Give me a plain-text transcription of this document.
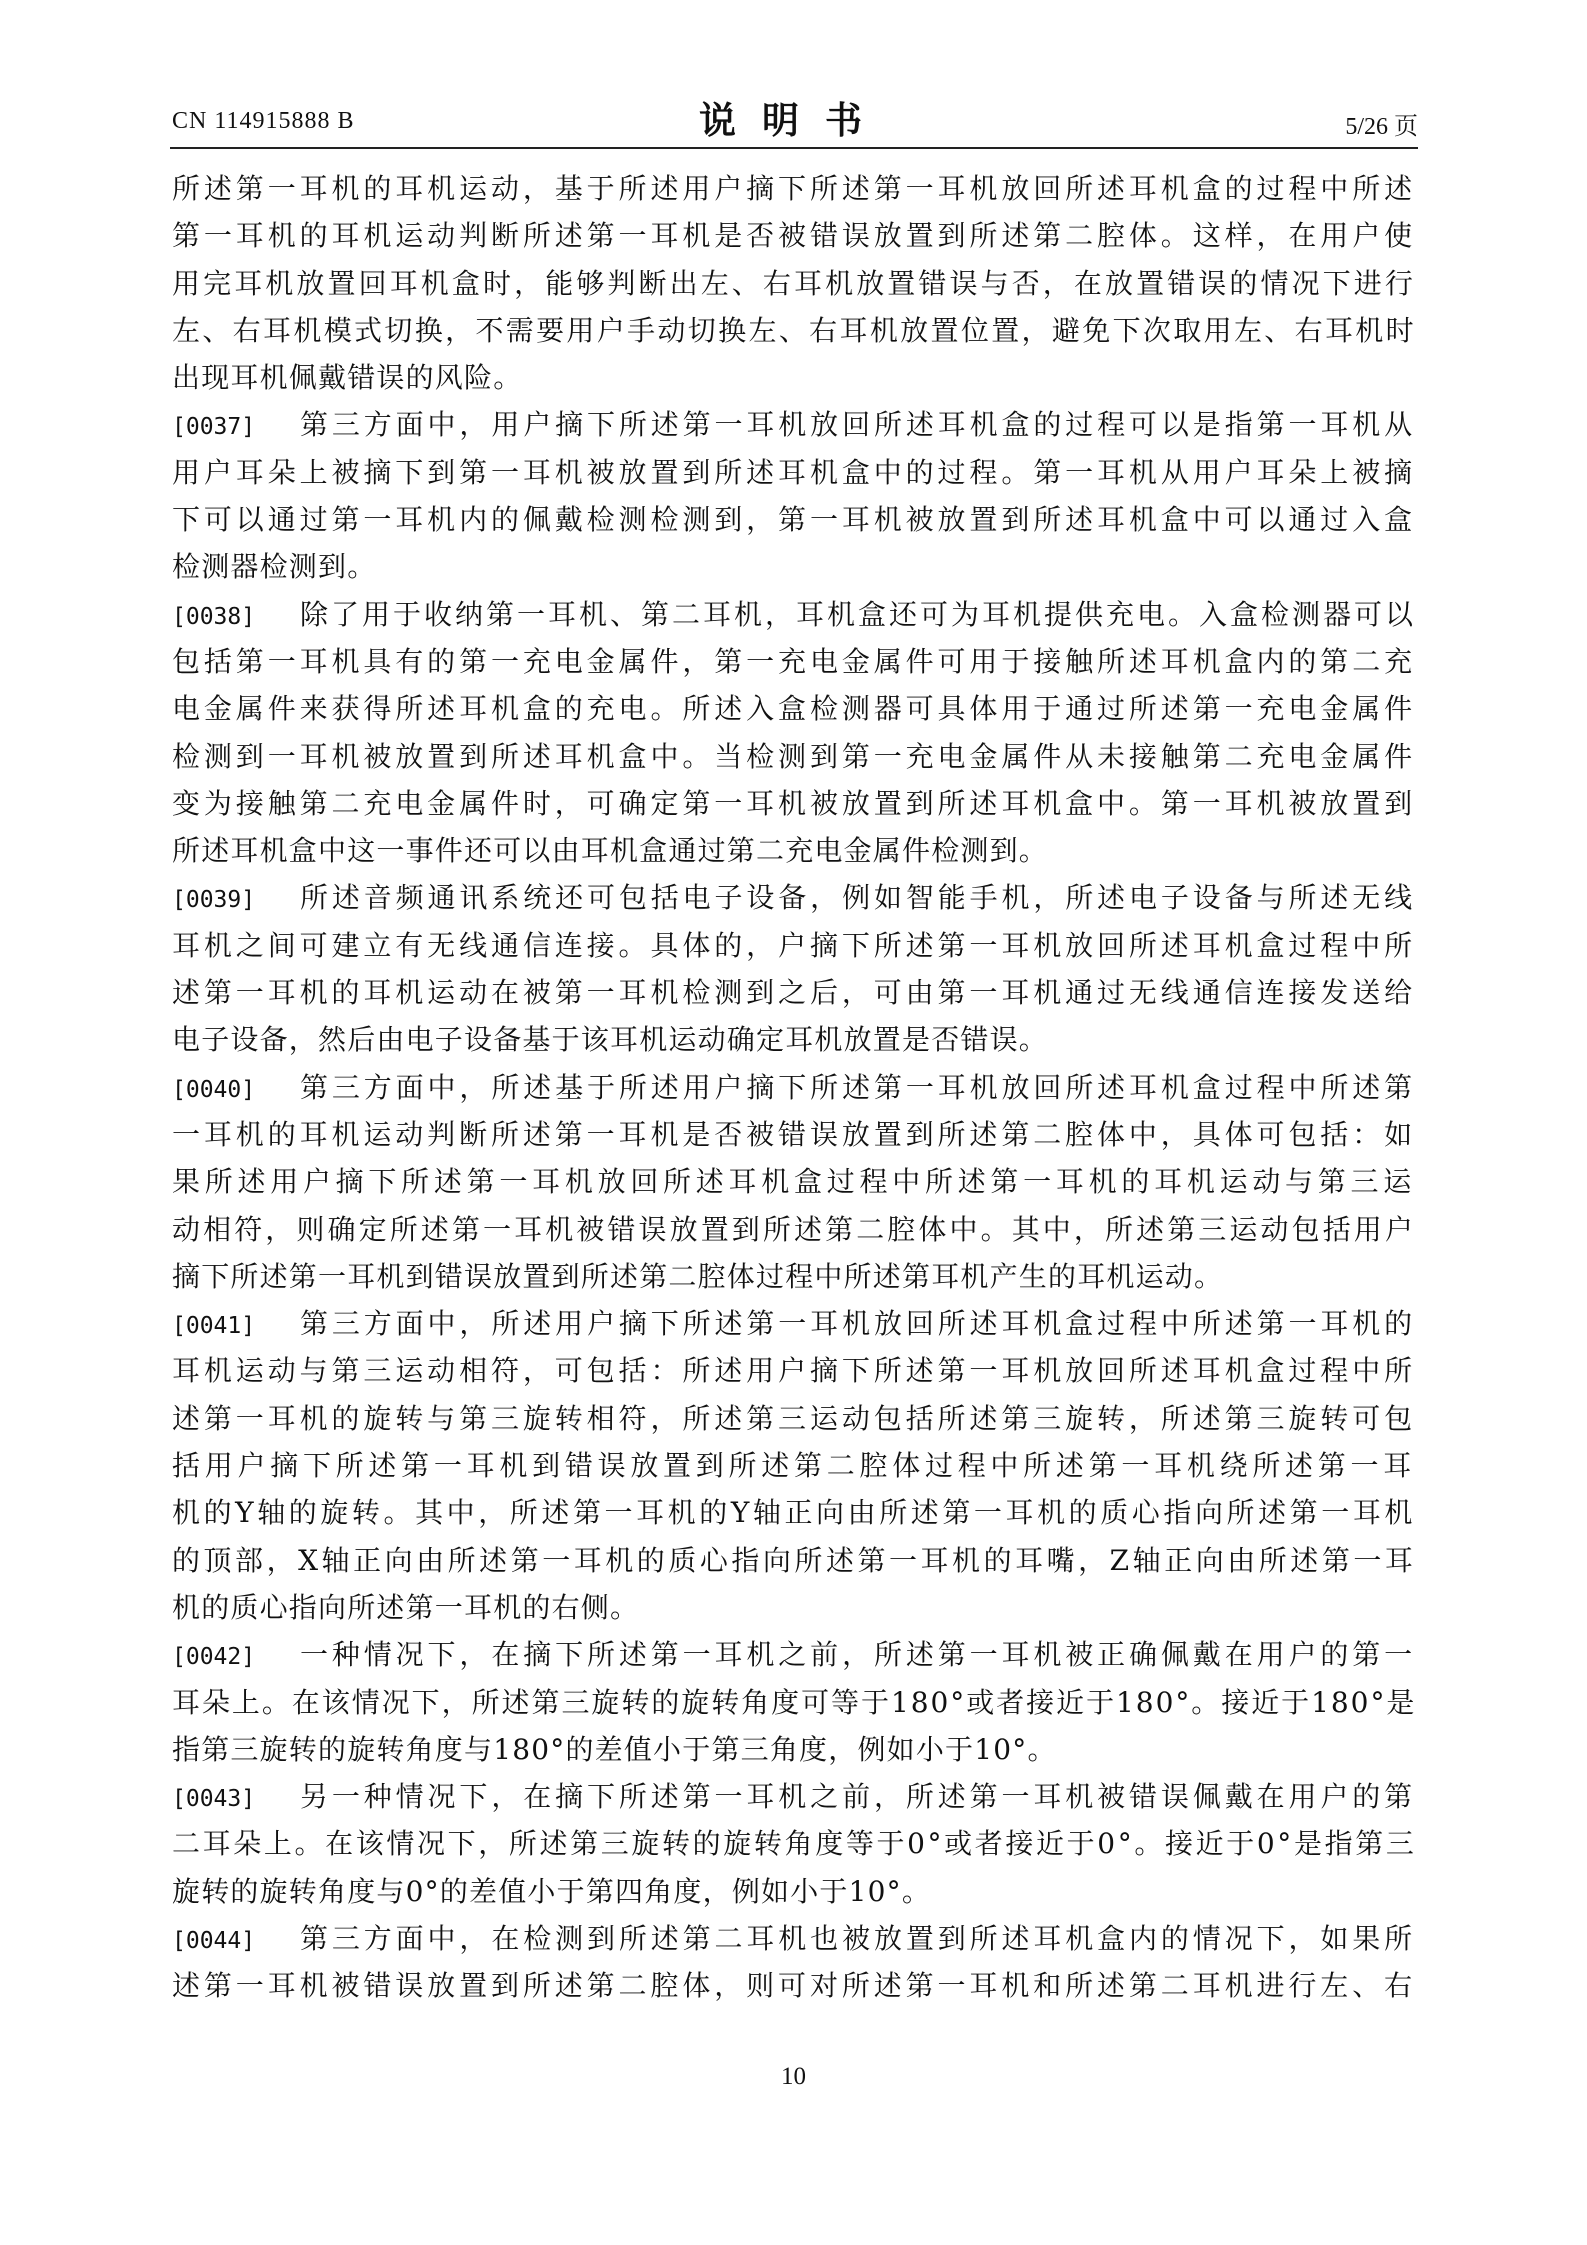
CN 114915888 B	说明书	5/26 页
所述第一耳机的耳机运动，基于所述用户摘下所述第一耳机放回所述耳机盒的过程中所述
第一耳机的耳机运动判断所述第一耳机是否被错误放置到所述第二腔体。这样，在用户使
用完耳机放置回耳机盒时，能够判断出左、右耳机放置错误与否，在放置错误的情况下进行
左、右耳机模式切换，不需要用户手动切换左、右耳机放置位置，避免下次取用左、右耳机时
出现耳机佩戴错误的风险。
[0037] 第三方面中，用户摘下所述第一耳机放回所述耳机盒的过程可以是指第一耳机从
用户耳朵上被摘下到第一耳机被放置到所述耳机盒中的过程。第一耳机从用户耳朵上被摘
下可以通过第一耳机内的佩戴检测检测到，第一耳机被放置到所述耳机盒中可以通过入盒
检测器检测到。
[0038] 除了用于收纳第一耳机、第二耳机，耳机盒还可为耳机提供充电。入盒检测器可以
包括第一耳机具有的第一充电金属件，第一充电金属件可用于接触所述耳机盒内的第二充
电金属件来获得所述耳机盒的充电。所述入盒检测器可具体用于通过所述第一充电金属件
检测到一耳机被放置到所述耳机盒中。当检测到第一充电金属件从未接触第二充电金属件
变为接触第二充电金属件时，可确定第一耳机被放置到所述耳机盒中。第一耳机被放置到
所述耳机盒中这一事件还可以由耳机盒通过第二充电金属件检测到。
[0039] 所述音频通讯系统还可包括电子设备，例如智能手机，所述电子设备与所述无线
耳机之间可建立有无线通信连接。具体的，户摘下所述第一耳机放回所述耳机盒过程中所
述第一耳机的耳机运动在被第一耳机检测到之后，可由第一耳机通过无线通信连接发送给
电子设备，然后由电子设备基于该耳机运动确定耳机放置是否错误。
[0040] 第三方面中，所述基于所述用户摘下所述第一耳机放回所述耳机盒过程中所述第
一耳机的耳机运动判断所述第一耳机是否被错误放置到所述第二腔体中，具体可包括：如
果所述用户摘下所述第一耳机放回所述耳机盒过程中所述第一耳机的耳机运动与第三运
动相符，则确定所述第一耳机被错误放置到所述第二腔体中。其中，所述第三运动包括用户
摘下所述第一耳机到错误放置到所述第二腔体过程中所述第耳机产生的耳机运动。
[0041] 第三方面中，所述用户摘下所述第一耳机放回所述耳机盒过程中所述第一耳机的
耳机运动与第三运动相符，可包括：所述用户摘下所述第一耳机放回所述耳机盒过程中所
述第一耳机的旋转与第三旋转相符，所述第三运动包括所述第三旋转，所述第三旋转可包
括用户摘下所述第一耳机到错误放置到所述第二腔体过程中所述第一耳机绕所述第一耳
机的Y轴的旋转。其中，所述第一耳机的Y轴正向由所述第一耳机的质心指向所述第一耳机
的顶部，X轴正向由所述第一耳机的质心指向所述第一耳机的耳嘴，Z轴正向由所述第一耳
机的质心指向所述第一耳机的右侧。
[0042] 一种情况下，在摘下所述第一耳机之前，所述第一耳机被正确佩戴在用户的第一
耳朵上。在该情况下，所述第三旋转的旋转角度可等于180°或者接近于180°。接近于180°是
指第三旋转的旋转角度与180°的差值小于第三角度，例如小于10°。
[0043] 另一种情况下，在摘下所述第一耳机之前，所述第一耳机被错误佩戴在用户的第
二耳朵上。在该情况下，所述第三旋转的旋转角度等于0°或者接近于0°。接近于0°是指第三
旋转的旋转角度与0°的差值小于第四角度，例如小于10°。
[0044] 第三方面中，在检测到所述第二耳机也被放置到所述耳机盒内的情况下，如果所
述第一耳机被错误放置到所述第二腔体，则可对所述第一耳机和所述第二耳机进行左、右
10
